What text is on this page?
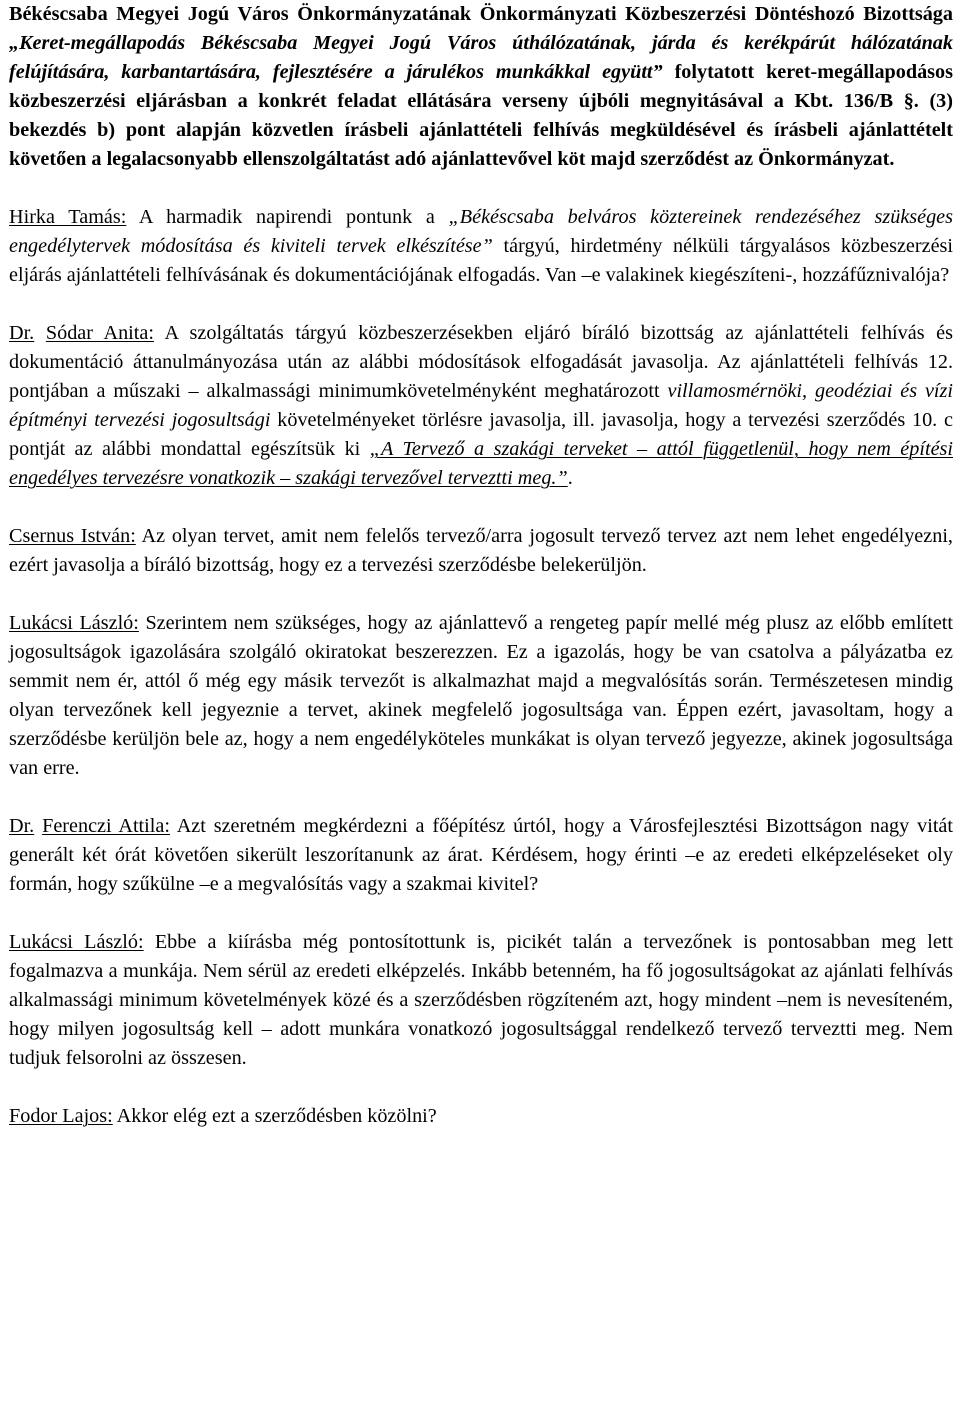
Békéscsaba Megyei Jogú Város Önkormányzatának Önkormányzati Közbeszerzési Döntéshozó Bizottsága „Keret-megállapodás Békéscsaba Megyei Jogú Város úthálózatának, járda és kerékpárút hálózatának felújítására, karbantartására, fejlesztésére a járulékos munkákkal együtt” folytatott keret-megállapodásos közbeszerzési eljárásban a konkrét feladat ellátására verseny újbóli megnyitásával a Kbt. 136/B §. (3) bekezdés b) pont alapján közvetlen írásbeli ajánlattételi felhívás megküldésével és írásbeli ajánlattételt követően a legalacsonyabb ellenszolgáltatást adó ajánlattevővel köt majd szerződést az Önkormányzat.

Hirka Tamás: A harmadik napirendi pontunk a „Békéscsaba belváros köztereinek rendezéséhez szükséges engedélytervek módosítása és kiviteli tervek elkészítése” tárgyú, hirdetmény nélküli tárgyalásos közbeszerzési eljárás ajánlattételi felhívásának és dokumentációjának elfogadás. Van –e valakinek kiegészíteni-, hozzáfűznivalója?

Dr. Sódar Anita: A szolgáltatás tárgyú közbeszerzésekben eljáró bíráló bizottság az ajánlattételi felhívás és dokumentáció áttanulmányozása után az alábbi módosítások elfogadását javasolja. Az ajánlattételi felhívás 12. pontjában a műszaki – alkalmassági minimumkövetelményként meghatározott villamosmérnöki, geodéziai és vízi építményi tervezési jogosultsági követelményeket törlésre javasolja, ill. javasolja, hogy a tervezési szerződés 10. c pontját az alábbi mondattal egészítsük ki „A Tervező a szakági terveket – attól függetlenül, hogy nem építési engedélyes tervezésre vonatkozik – szakági tervezővel terveztti meg.”.

Csernus István: Az olyan tervet, amit nem felelős tervező/arra jogosult tervező tervez azt nem lehet engedélyezni, ezért javasolja a bíráló bizottság, hogy ez a tervezési szerződésbe belekerüljön.

Lukácsi László: Szerintem nem szükséges, hogy az ajánlattevő a rengeteg papír mellé még plusz az előbb említett jogosultságok igazolására szolgáló okiratokat beszerezzen. Ez a igazolás, hogy be van csatolva a pályázatba ez semmit nem ér, attól ő még egy másik tervezőt is alkalmazhat majd a megvalósítás során. Természetesen mindig olyan tervezőnek kell jegyeznie a tervet, akinek megfelelő jogosultsága van. Éppen ezért, javasoltam, hogy a szerződésbe kerüljön bele az, hogy a nem engedélyköteles munkákat is olyan tervező jegyezze, akinek jogosultsága van erre.

Dr. Ferenczi Attila: Azt szeretném megkérdezni a főépítész úrtól, hogy a Városfejlesztési Bizottságon nagy vitát generált két órát követően sikerült leszorítanunk az árat. Kérdésem, hogy érinti –e az eredeti elképzeléseket oly formán, hogy szűkülne –e a megvalósítás vagy a szakmai kivitel?

Lukácsi László: Ebbe a kiírásba még pontosítottunk is, picikét talán a tervezőnek is pontosabban meg lett fogalmazva a munkája. Nem sérül az eredeti elképzelés. Inkább betenném, ha fő jogosultságokat az ajánlati felhívás alkalmassági minimum követelmények közé és a szerződésben rögzíteném azt, hogy mindent –nem is nevesíteném, hogy milyen jogosultság kell – adott munkára vonatkozó jogosultsággal rendelkező tervező terveztti meg. Nem tudjuk felsorolni az összesen.

Fodor Lajos: Akkor elég ezt a szerződésben közölni?
